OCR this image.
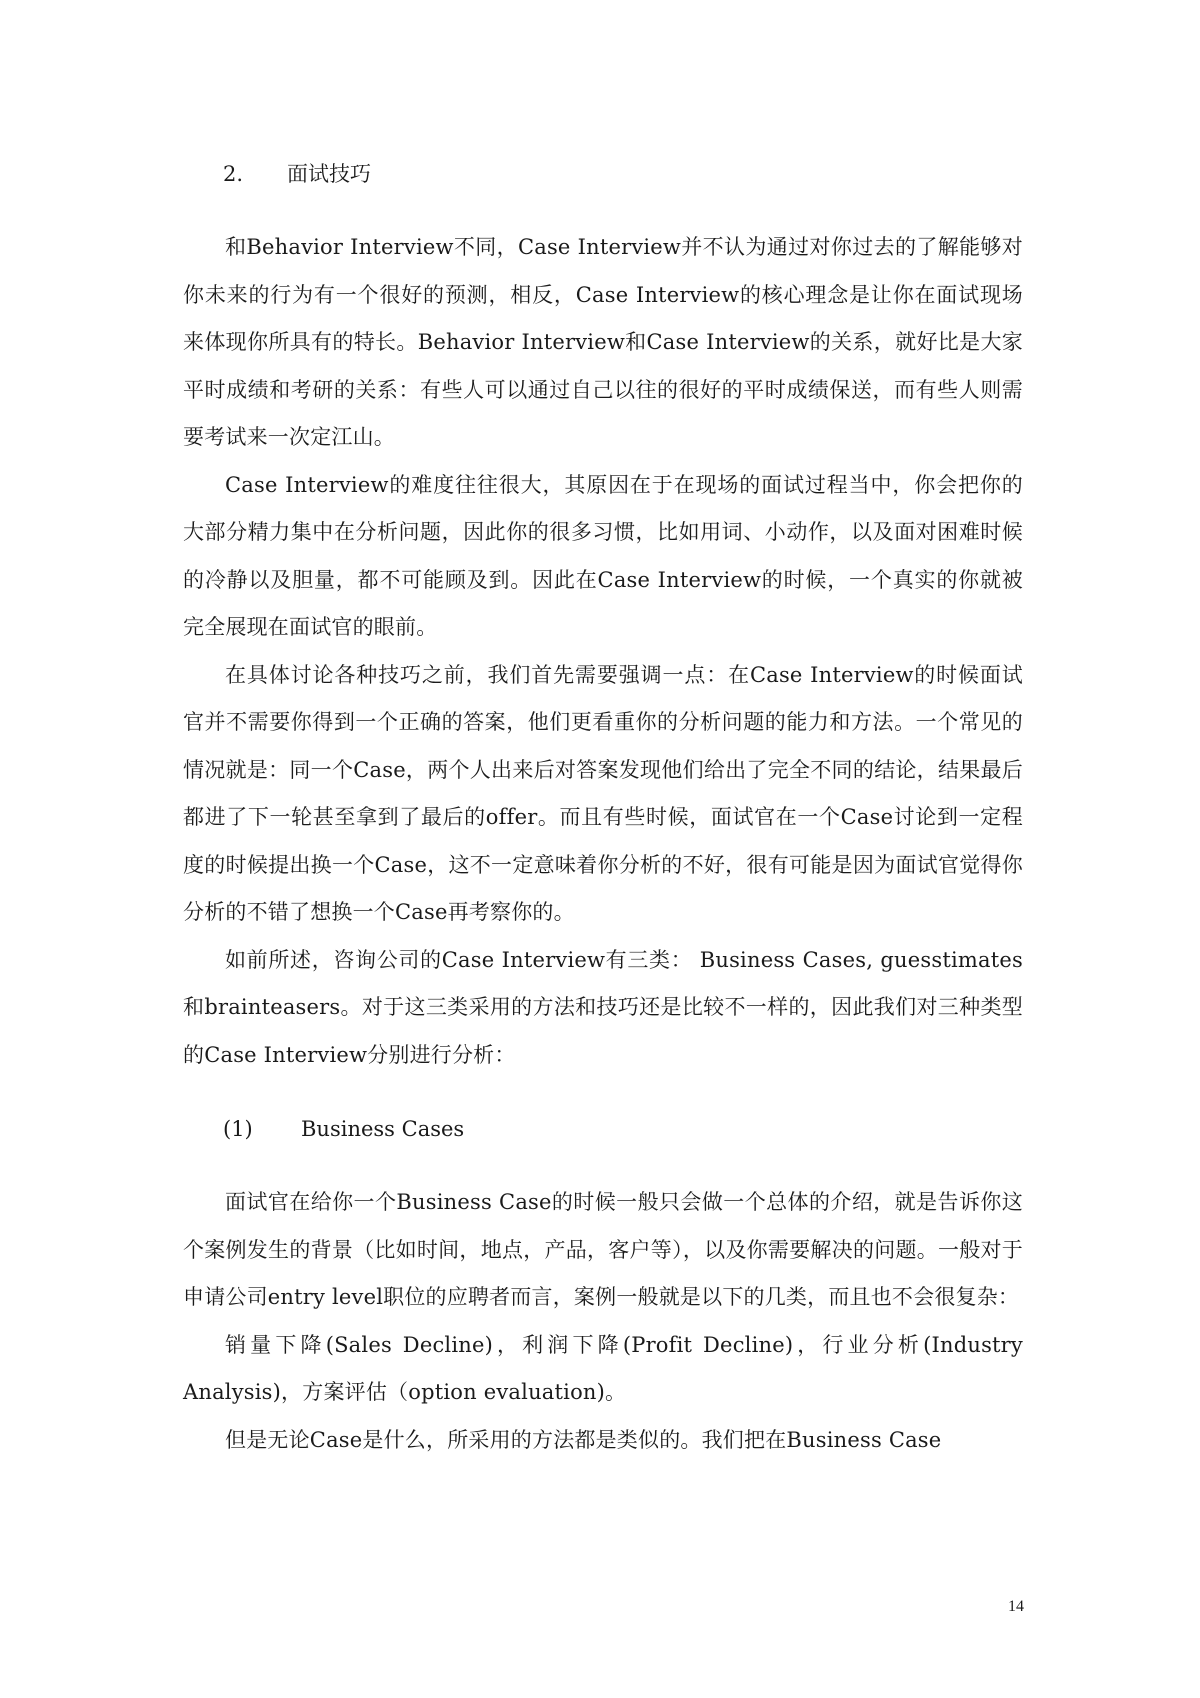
2. 面试技巧

和Behavior Interview不同，Case Interview并不认为通过对你过去的了解能够对你未来的行为有一个很好的预测，相反，Case Interview的核心理念是让你在面试现场来体现你所具有的特长。Behavior Interview和Case Interview的关系，就好比是大家平时成绩和考研的关系：有些人可以通过自己以往的很好的平时成绩保送，而有些人则需要考试来一次定江山。

Case Interview的难度往往很大，其原因在于在现场的面试过程当中，你会把你的大部分精力集中在分析问题，因此你的很多习惯，比如用词、小动作，以及面对困难时候的冷静以及胆量，都不可能顾及到。因此在Case Interview的时候，一个真实的你就被完全展现在面试官的眼前。

在具体讨论各种技巧之前，我们首先需要强调一点：在Case Interview的时候面试官并不需要你得到一个正确的答案，他们更看重你的分析问题的能力和方法。一个常见的情况就是：同一个Case，两个人出来后对答案发现他们给出了完全不同的结论，结果最后都进了下一轮甚至拿到了最后的offer。而且有些时候，面试官在一个Case讨论到一定程度的时候提出换一个Case，这不一定意味着你分析的不好，很有可能是因为面试官觉得你分析的不错了想换一个Case再考察你的。

如前所述，咨询公司的Case Interview有三类： Business Cases, guesstimates和brainteasers。对于这三类采用的方法和技巧还是比较不一样的，因此我们对三种类型的Case Interview分别进行分析：

(1) Business Cases

面试官在给你一个Business Case的时候一般只会做一个总体的介绍，就是告诉你这个案例发生的背景（比如时间，地点，产品，客户等），以及你需要解决的问题。一般对于申请公司entry level职位的应聘者而言，案例一般就是以下的几类，而且也不会很复杂：

销量下降(Sales Decline)，利润下降(Profit Decline)，行业分析(Industry Analysis)，方案评估（option evaluation)。

但是无论Case是什么，所采用的方法都是类似的。我们把在Business Case

14
